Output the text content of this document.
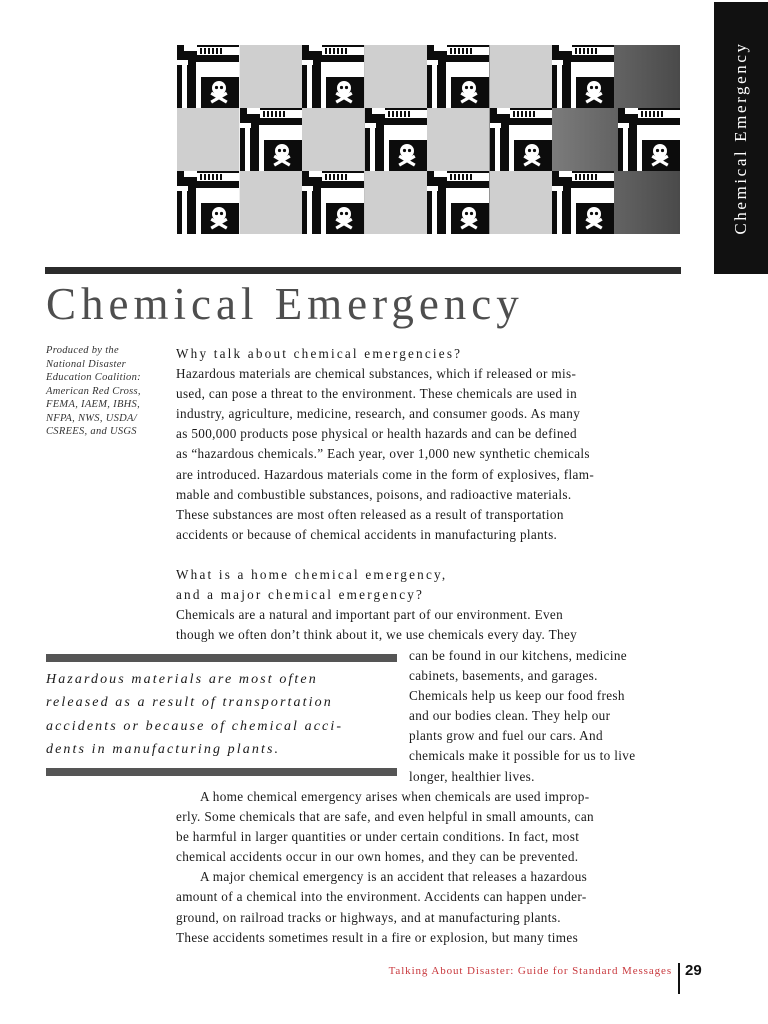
Chemical Emergency
Chemical Emergency
Produced by the
National Disaster
Education Coalition:
American Red Cross,
FEMA, IAEM, IBHS,
NFPA, NWS, USDA/
CSREES, and USGS

Why talk about chemical emergencies?

Hazardous materials are chemical substances, which if released or mis-

used, can pose a threat to the environment. These chemicals are used in

industry, agriculture, medicine, research, and consumer goods. As many

as 500,000 products pose physical or health hazards and can be defined

as “hazardous chemicals.” Each year, over 1,000 new synthetic chemicals

are introduced. Hazardous materials come in the form of explosives, flam-

mable and combustible substances, poisons, and radioactive materials.

These substances are most often released as a result of transportation

accidents or because of chemical accidents in manufacturing plants.

What is a home chemical emergency,

and a major chemical emergency?

Chemicals are a natural and important part of our environment. Even

though we often don’t think about it, we use chemicals every day. They

Hazardous materials are most often
released as a result of transportation
accidents or because of chemical acci-
dents in manufacturing plants.
can be found in our kitchens, medicine
cabinets, basements, and garages.
Chemicals help us keep our food fresh
and our bodies clean. They help our
plants grow and fuel our cars. And
chemicals make it possible for us to live
longer, healthier lives.
A home chemical emergency arises when chemicals are used improp-
erly. Some chemicals that are safe, and even helpful in small amounts, can
be harmful in larger quantities or under certain conditions. In fact, most
chemical accidents occur in our own homes, and they can be prevented.
A major chemical emergency is an accident that releases a hazardous
amount of a chemical into the environment. Accidents can happen under-
ground, on railroad tracks or highways, and at manufacturing plants.
These accidents sometimes result in a fire or explosion, but many times
Talking About Disaster: Guide for Standard Messages 29
